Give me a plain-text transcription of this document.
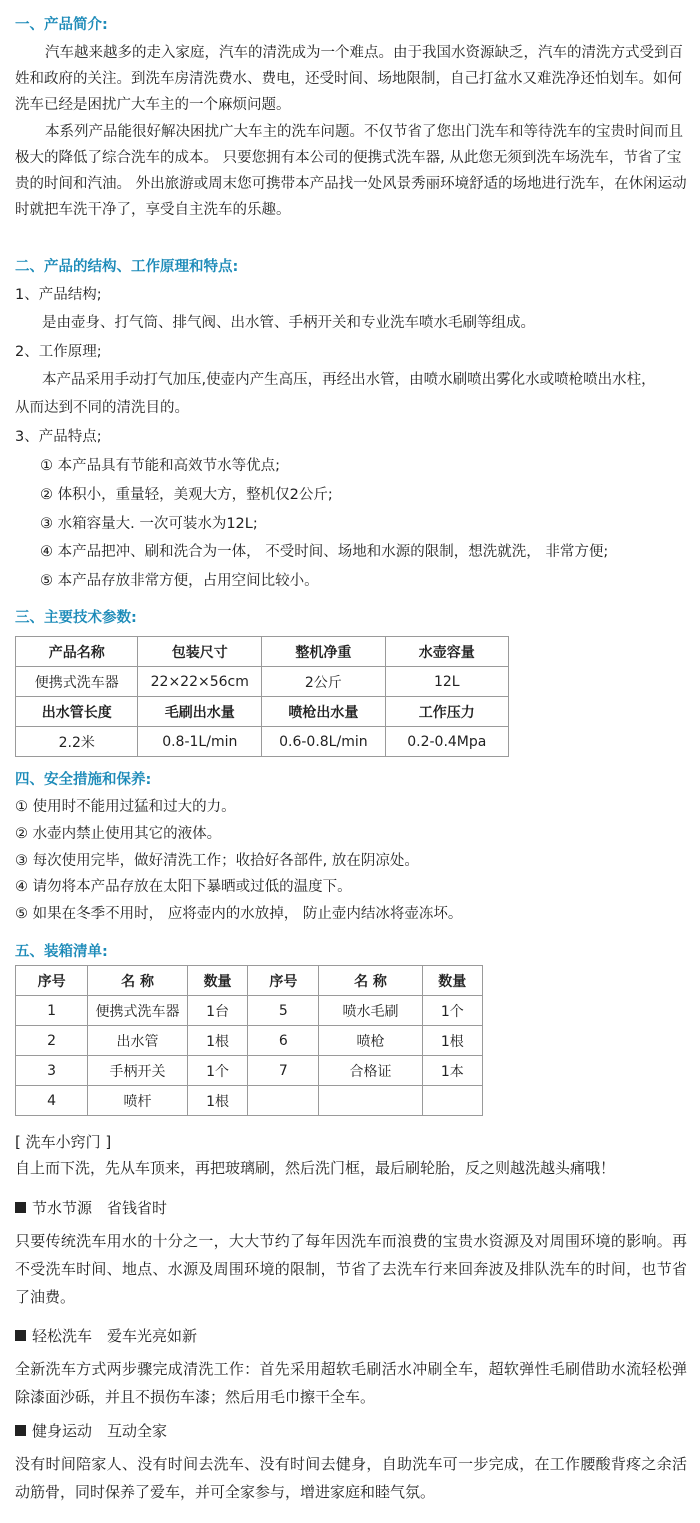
一、产品简介:
汽车越来越多的走入家庭，汽车的清洗成为一个难点。由于我国水资源缺乏，汽车的清洗方式受到百姓和政府的关注。到洗车房清洗费水、费电，还受时间、场地限制，自己打盆水又难洗净还怕划车。如何洗车已经是困扰广大车主的一个麻烦问题。
本系列产品能很好解决困扰广大车主的洗车问题。不仅节省了您出门洗车和等待洗车的宝贵时间而且极大的降低了综合洗车的成本。 只要您拥有本公司的便携式洗车器, 从此您无须到洗车场洗车，节省了宝贵的时间和汽油。 外出旅游或周末您可携带本产品找一处风景秀丽环境舒适的场地进行洗车，在休闲运动时就把车洗干净了，享受自主洗车的乐趣。
二、产品的结构、工作原理和特点:
1、产品结构;
是由壶身、打气筒、排气阀、出水管、手柄开关和专业洗车喷水毛刷等组成。
2、工作原理;
本产品采用手动打气加压,使壶内产生高压，再经出水管，由喷水刷喷出雾化水或喷枪喷出水柱，
从而达到不同的清洗目的。
3、产品特点;
① 本产品具有节能和高效节水等优点;
② 体积小，重量轻，美观大方，整机仅2公斤;
③ 水箱容量大. 一次可装水为12L;
④ 本产品把冲、刷和洗合为一体， 不受时间、场地和水源的限制，想洗就洗， 非常方便;
⑤ 本产品存放非常方便，占用空间比较小。
三、主要技术参数:
产品名称	包装尺寸	整机净重	水壶容量
便携式洗车器	22×22×56cm	2公斤	12L
出水管长度	毛刷出水量	喷枪出水量	工作压力
2.2米	0.8-1L/min	0.6-0.8L/min	0.2-0.4Mpa
四、安全措施和保养:
① 使用时不能用过猛和过大的力。
② 水壶内禁止使用其它的液体。
③ 每次使用完毕，做好清洗工作；收拾好各部件, 放在阴凉处。
④ 请勿将本产品存放在太阳下暴晒或过低的温度下。
⑤ 如果在冬季不用时， 应将壶内的水放掉， 防止壶内结冰将壶冻坏。
五、装箱清单:
序号	名 称	数量	序号	名 称	数量
1	便携式洗车器	1台	5	喷水毛刷	1个
2	出水管	1根	6	喷枪	1根
3	手柄开关	1个	7	合格证	1本
4	喷杆	1根			
[ 洗车小窍门 ]
自上而下洗，先从车顶来，再把玻璃刷，然后洗门框，最后刷轮胎，反之则越洗越头痛哦！
节水节源　省钱省时
只要传统洗车用水的十分之一，大大节约了每年因洗车而浪费的宝贵水资源及对周围环境的影响。再不受洗车时间、地点、水源及周围环境的限制，节省了去洗车行来回奔波及排队洗车的时间，也节省了油费。
轻松洗车　爱车光亮如新
全新洗车方式两步骤完成清洗工作：首先采用超软毛刷活水冲刷全车，超软弹性毛刷借助水流轻松弹除漆面沙砾，并且不损伤车漆；然后用毛巾擦干全车。
健身运动　互动全家
没有时间陪家人、没有时间去洗车、没有时间去健身，自助洗车可一步完成，在工作腰酸背疼之余活动筋骨，同时保养了爱车，并可全家参与，增进家庭和睦气氛。
